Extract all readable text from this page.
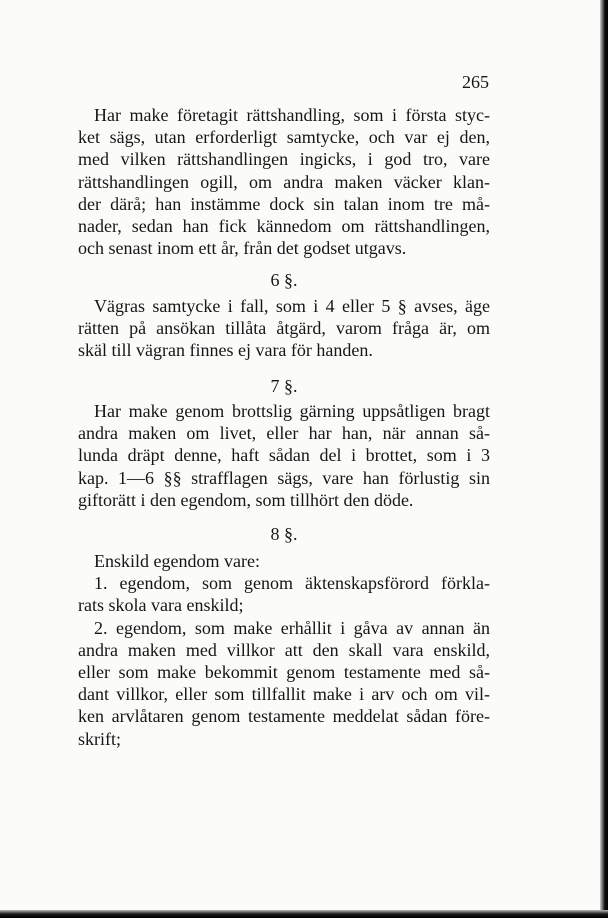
265
Har make företagit rättshandling, som i första styc-
ket sägs, utan erforderligt samtycke, och var ej den,
med vilken rättshandlingen ingicks, i god tro, vare
rättshandlingen ogill, om andra maken väcker klan-
der därå; han instämme dock sin talan inom tre må-
nader, sedan han fick kännedom om rättshandlingen,
och senast inom ett år, från det godset utgavs.
6 §.
Vägras samtycke i fall, som i 4 eller 5 § avses, äge
rätten på ansökan tillåta åtgärd, varom fråga är, om
skäl till vägran finnes ej vara för handen.
7 §.
Har make genom brottslig gärning uppsåtligen bragt
andra maken om livet, eller har han, när annan så-
lunda dräpt denne, haft sådan del i brottet, som i 3
kap. 1—6 §§ strafflagen sägs, vare han förlustig sin
giftorätt i den egendom, som tillhört den döde.
8 §.
Enskild egendom vare:
1. egendom, som genom äktenskapsförord förkla-
rats skola vara enskild;
2. egendom, som make erhållit i gåva av annan än
andra maken med villkor att den skall vara enskild,
eller som make bekommit genom testamente med så-
dant villkor, eller som tillfallit make i arv och om vil-
ken arvlåtaren genom testamente meddelat sådan före-
skrift;
